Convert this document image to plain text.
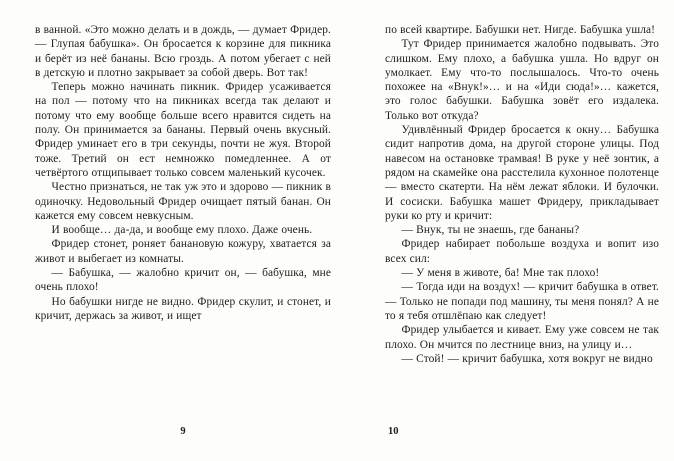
в ванной. «Это можно делать и в дождь, — думает Фридер. — Глупая бабушка». Он бросается к корзине для пикника и берёт из неё бананы. Всю гроздь. А потом убегает с ней в детскую и плотно закрывает за собой дверь. Вот так!

Теперь можно начинать пикник. Фридер усаживается на пол — потому что на пикниках всегда так делают и потому что ему вообще больше всего нравится сидеть на полу. Он принимается за бананы. Первый очень вкусный. Фридер уминает его в три секунды, почти не жуя. Второй тоже. Третий он ест немножко помедленнее. А от четвёртого отщипывает только совсем маленький кусочек.

Честно признаться, не так уж это и здорово — пикник в одиночку. Недовольный Фридер очищает пятый банан. Он кажется ему совсем невкусным.

И вообще… да-да, и вообще ему плохо. Даже очень.

Фридер стонет, роняет банановую кожуру, хватается за живот и выбегает из комнаты.

— Бабушка, — жалобно кричит он, — бабушка, мне очень плохо!

Но бабушки нигде не видно. Фридер скулит, и стонет, и кричит, держась за живот, и ищет

9

по всей квартире. Бабушки нет. Нигде. Бабушка ушла!

Тут Фридер принимается жалобно подвывать. Это слишком. Ему плохо, а бабушка ушла. Но вдруг он умолкает. Ему что-то послышалось. Что-то очень похожее на «Внук!»… и на «Иди сюда!»… кажется, это голос бабушки. Бабушка зовёт его издалека. Только вот откуда?

Удивлённый Фридер бросается к окну… Бабушка сидит напротив дома, на другой стороне улицы. Под навесом на остановке трамвая! В руке у неё зонтик, а рядом на скамейке она расстелила кухонное полотенце — вместо скатерти. На нём лежат яблоки. И булочки. И сосиски. Бабушка машет Фридеру, прикладывает руки ко рту и кричит:

— Внук, ты не знаешь, где бананы?

Фридер набирает побольше воздуха и вопит изо всех сил:

— У меня в животе, ба! Мне так плохо!

— Тогда иди на воздух! — кричит бабушка в ответ. — Только не попади под машину, ты меня понял? А не то я тебя отшлёпаю как следует!

Фридер улыбается и кивает. Ему уже совсем не так плохо. Он мчится по лестнице вниз, на улицу и…

— Стой! — кричит бабушка, хотя вокруг не видно

10
